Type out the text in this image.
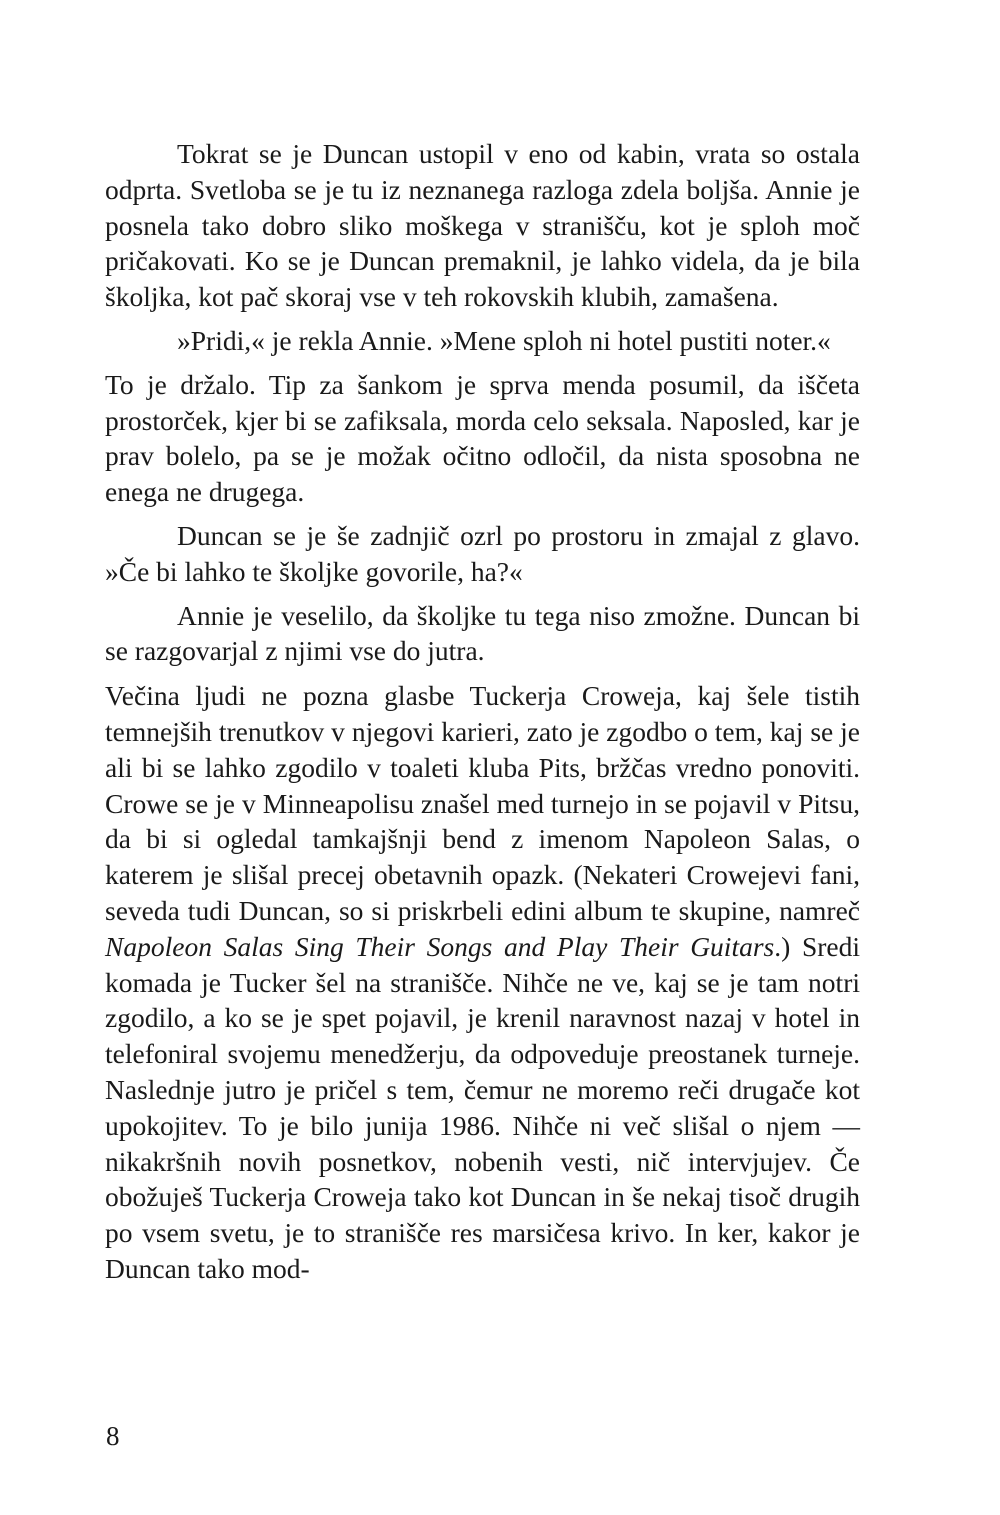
Tokrat se je Duncan ustopil v eno od kabin, vrata so ostala odprta. Svetloba se je tu iz neznanega razloga zdela boljša. Annie je posnela tako dobro sliko moškega v stranišču, kot je sploh moč pričakovati. Ko se je Duncan premaknil, je lahko videla, da je bila školjka, kot pač skoraj vse v teh rokovskih klubih, zamašena.

»Pridi,« je rekla Annie. »Mene sploh ni hotel pustiti noter.«

To je držalo. Tip za šankom je sprva menda posumil, da iščeta prostorček, kjer bi se zafiksala, morda celo seksala. Naposled, kar je prav bolelo, pa se je možak očitno odločil, da nista sposobna ne enega ne drugega.

Duncan se je še zadnjič ozrl po prostoru in zmajal z glavo. »Če bi lahko te školjke govorile, ha?«

Annie je veselilo, da školjke tu tega niso zmožne. Duncan bi se razgovarjal z njimi vse do jutra.

Večina ljudi ne pozna glasbe Tuckerja Croweja, kaj šele tistih temnejših trenutkov v njegovi karieri, zato je zgodbo o tem, kaj se je ali bi se lahko zgodilo v toaleti kluba Pits, bržčas vredno ponoviti. Crowe se je v Minneapolisu znašel med turnejo in se pojavil v Pitsu, da bi si ogledal tamkajšnji bend z imenom Napoleon Salas, o katerem je slišal precej obetavnih opazk. (Nekateri Crowejevi fani, seveda tudi Duncan, so si priskrbeli edini album te skupine, namreč Napoleon Salas Sing Their Songs and Play Their Guitars.) Sredi komada je Tucker šel na stranišče. Nihče ne ve, kaj se je tam notri zgodilo, a ko se je spet pojavil, je krenil naravnost nazaj v hotel in telefoniral svojemu menedžerju, da odpoveduje preostanek turneje. Naslednje jutro je pričel s tem, čemur ne moremo reči drugače kot upokojitev. To je bilo junija 1986. Nihče ni več slišal o njem — nikakršnih novih posnetkov, nobenih vesti, nič intervjujev. Če obožuješ Tuckerja Croweja tako kot Duncan in še nekaj tisoč drugih po vsem svetu, je to stranišče res marsičesa krivo. In ker, kakor je Duncan tako mod-

8
